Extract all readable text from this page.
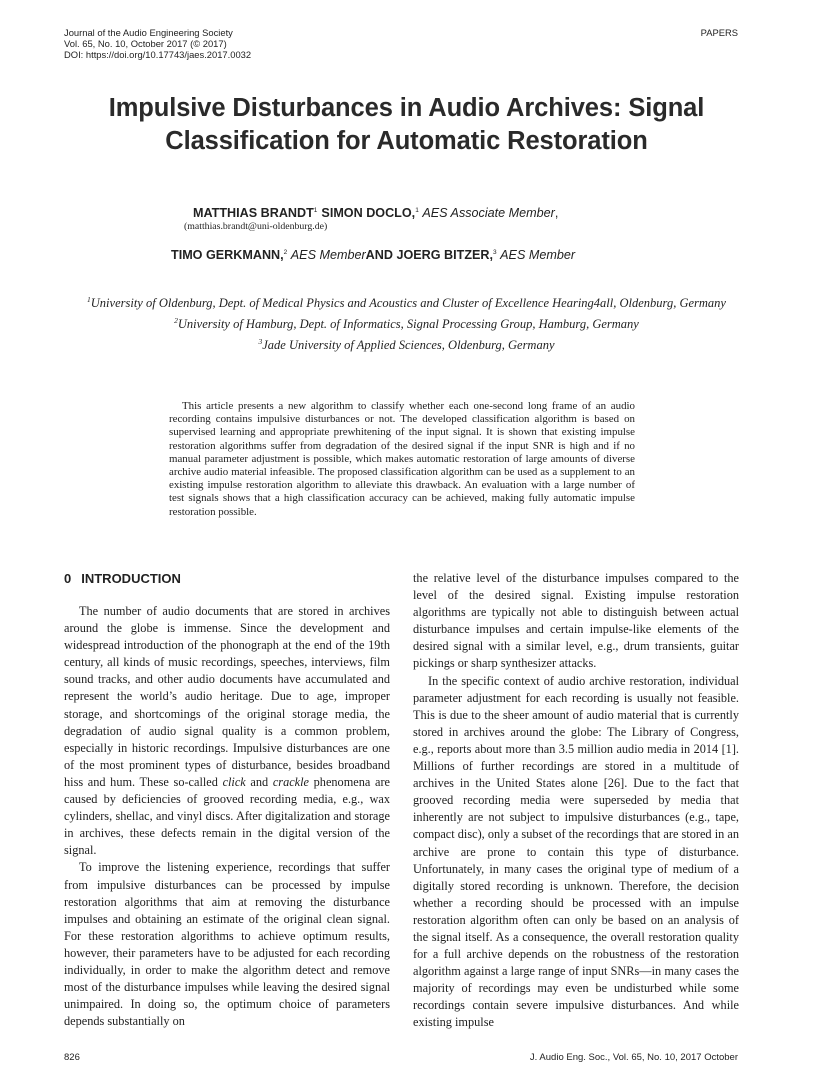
Journal of the Audio Engineering Society
Vol. 65, No. 10, October 2017 (© 2017)
DOI: https://doi.org/10.17743/jaes.2017.0032
PAPERS
Impulsive Disturbances in Audio Archives: Signal
Classification for Automatic Restoration
MATTHIAS BRANDT$^1$ SIMON DOCLO,$^1$ AES Associate Member,
(matthias.brandt@uni-oldenburg.de)
TIMO GERKMANN,$^2$ AES MemberAND JOERG BITZER,$^3$ AES Member
$^1$University of Oldenburg, Dept. of Medical Physics and Acoustics and Cluster of Excellence Hearing4all, Oldenburg, Germany
$^2$University of Hamburg, Dept. of Informatics, Signal Processing Group, Hamburg, Germany
$^3$Jade University of Applied Sciences, Oldenburg, Germany

This article presents a new algorithm to classify whether each one-second long frame of an audio recording contains impulsive disturbances or not. The developed classification algorithm is based on supervised learning and appropriate prewhitening of the input signal. It is shown that existing impulse restoration algorithms suffer from degradation of the desired signal if the input SNR is high and if no manual parameter adjustment is possible, which makes automatic restoration of large amounts of diverse archive audio material infeasible. The proposed classification algorithm can be used as a supplement to an existing impulse restoration algorithm to alleviate this drawback. An evaluation with a large number of test signals shows that a high classification accuracy can be achieved, making fully automatic impulse restoration possible.

0 INTRODUCTION

The number of audio documents that are stored in archives around the globe is immense. Since the development and widespread introduction of the phonograph at the end of the 19th century, all kinds of music recordings, speeches, interviews, film sound tracks, and other audio documents have accumulated and represent the world’s audio heritage. Due to age, improper storage, and shortcomings of the original storage media, the degradation of audio signal quality is a common problem, especially in historic recordings. Impulsive disturbances are one of the most prominent types of disturbance, besides broadband hiss and hum. These so-called click and crackle phenomena are caused by deficiencies of grooved recording media, e.g., wax cylinders, shellac, and vinyl discs. After digitalization and storage in archives, these defects remain in the digital version of the signal.

To improve the listening experience, recordings that suffer from impulsive disturbances can be processed by impulse restoration algorithms that aim at removing the disturbance impulses and obtaining an estimate of the original clean signal. For these restoration algorithms to achieve optimum results, however, their parameters have to be adjusted for each recording individually, in order to make the algorithm detect and remove most of the disturbance impulses while leaving the desired signal unimpaired. In doing so, the optimum choice of parameters depends substantially on

the relative level of the disturbance impulses compared to the level of the desired signal. Existing impulse restoration algorithms are typically not able to distinguish between actual disturbance impulses and certain impulse-like elements of the desired signal with a similar level, e.g., drum transients, guitar pickings or sharp synthesizer attacks.

In the specific context of audio archive restoration, individual parameter adjustment for each recording is usually not feasible. This is due to the sheer amount of audio material that is currently stored in archives around the globe: The Library of Congress, e.g., reports about more than 3.5 million audio media in 2014 [1]. Millions of further recordings are stored in a multitude of archives in the United States alone [26]. Due to the fact that grooved recording media were superseded by media that inherently are not subject to impulsive disturbances (e.g., tape, compact disc), only a subset of the recordings that are stored in an archive are prone to contain this type of disturbance. Unfortunately, in many cases the original type of medium of a digitally stored recording is unknown. Therefore, the decision whether a recording should be processed with an impulse restoration algorithm often can only be based on an analysis of the signal itself. As a consequence, the overall restoration quality for a full archive depends on the robustness of the restoration algorithm against a large range of input SNRs—in many cases the majority of recordings may even be undisturbed while some recordings contain severe impulsive disturbances. And while existing impulse

826	J. Audio Eng. Soc., Vol. 65, No. 10, 2017 October
